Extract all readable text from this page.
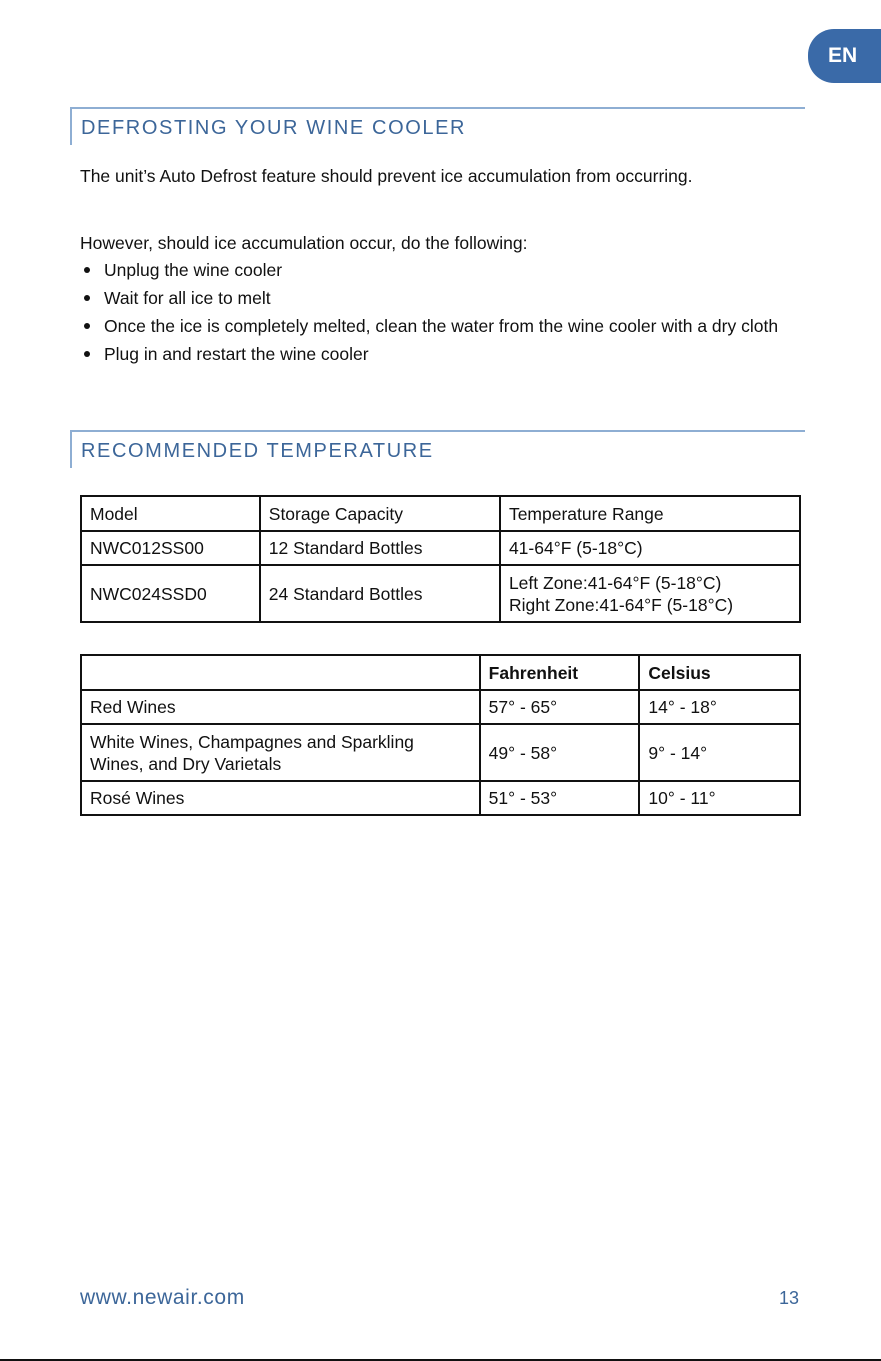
EN
DEFROSTING YOUR WINE COOLER

The unit’s Auto Defrost feature should prevent ice accumulation from occurring.

However, should ice accumulation occur, do the following:

Unplug the wine cooler
Wait for all ice to melt
Once the ice is completely melted, clean the water from the wine cooler with a dry cloth
Plug in and restart the wine cooler
RECOMMENDED TEMPERATURE
Model	Storage Capacity	Temperature Range
NWC012SS00	12 Standard Bottles	41-64°F (5-18°C)
NWC024SSD0	24 Standard Bottles	Left Zone:41-64°F (5-18°C)
Right Zone:41-64°F (5-18°C)
	Fahrenheit	Celsius
Red Wines	57° - 65°	14° - 18°
White Wines, Champagnes and Sparkling Wines, and Dry Varietals	49° - 58°	9° - 14°
Rosé Wines	51° - 53°	10° - 11°
www.newair.com	13
